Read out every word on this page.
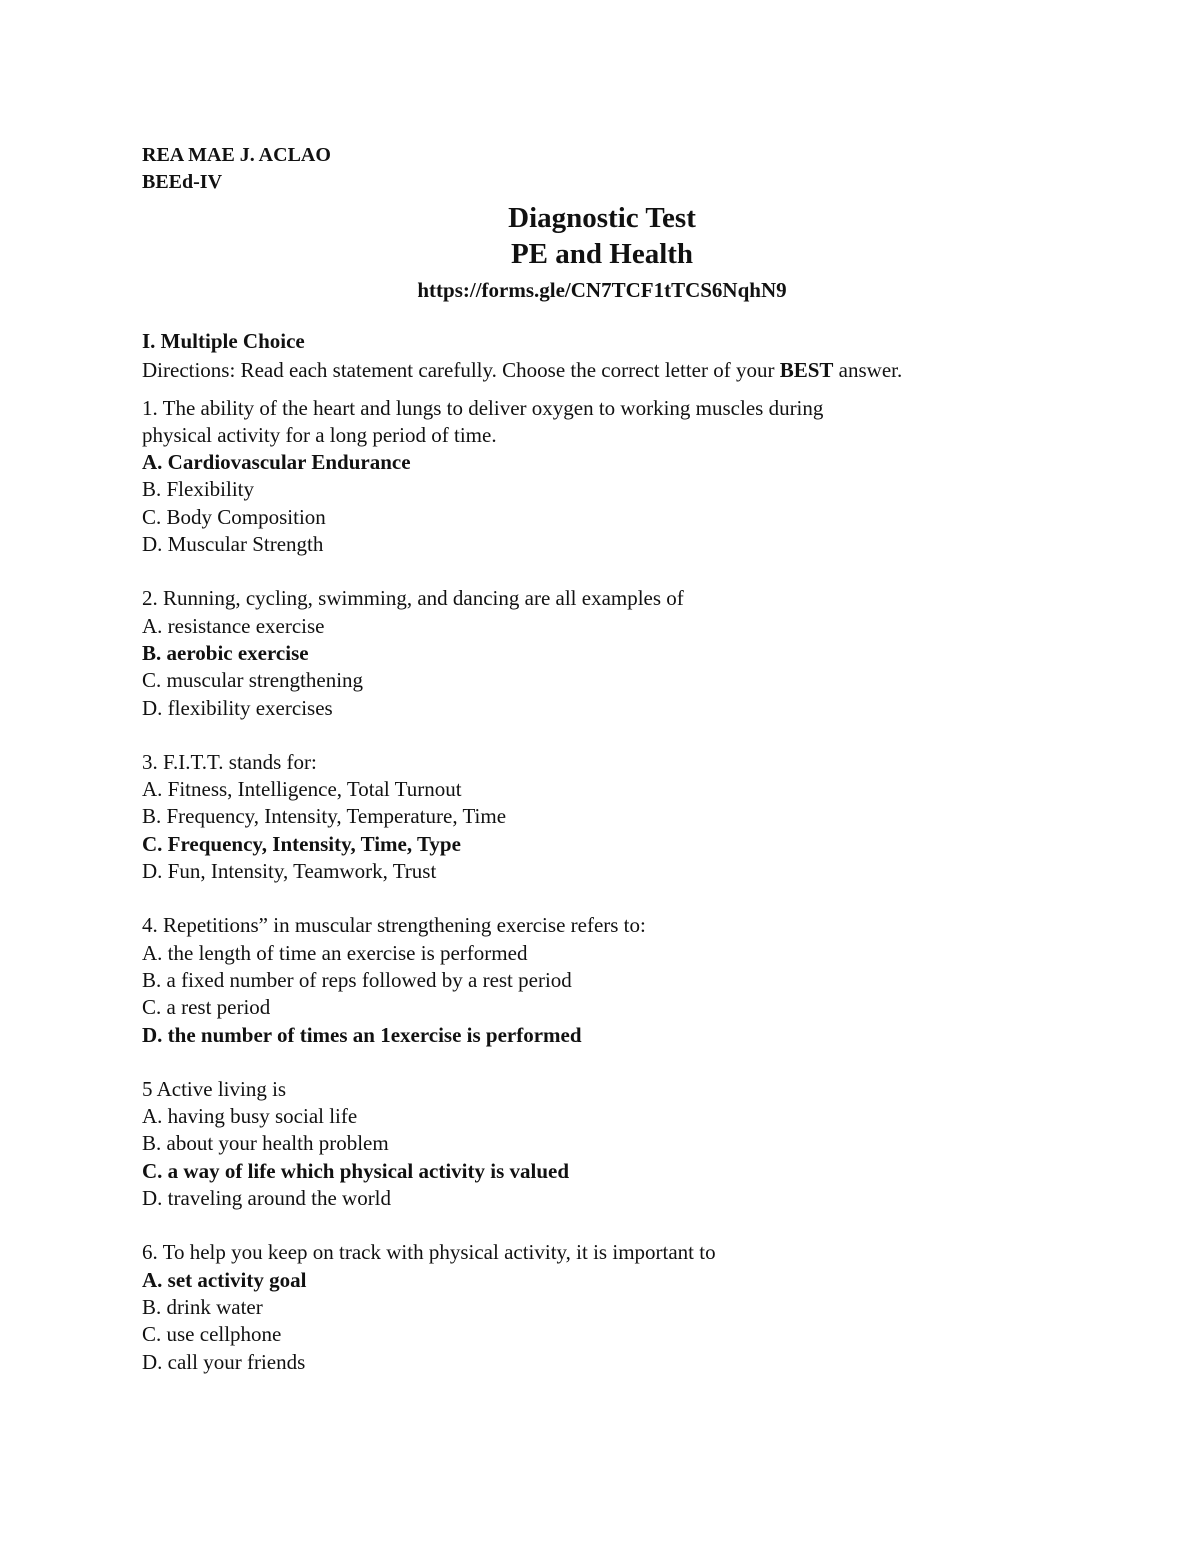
REA MAE J. ACLAO

BEEd-IV

Diagnostic Test

PE and Health

https://forms.gle/CN7TCF1tTCS6NqhN9

I. Multiple Choice

Directions: Read each statement carefully. Choose the correct letter of your BEST answer.

1. The ability of the heart and lungs to deliver oxygen to working muscles during

physical activity for a long period of time.

A. Cardiovascular Endurance

B. Flexibility

C. Body Composition

D. Muscular Strength

2. Running, cycling, swimming, and dancing are all examples of

A. resistance exercise

B. aerobic exercise

C. muscular strengthening

D. flexibility exercises

3. F.I.T.T. stands for:

A. Fitness, Intelligence, Total Turnout

B. Frequency, Intensity, Temperature, Time

C. Frequency, Intensity, Time, Type

D. Fun, Intensity, Teamwork, Trust

4. Repetitions” in muscular strengthening exercise refers to:

A. the length of time an exercise is performed

B. a fixed number of reps followed by a rest period

C. a rest period

D. the number of times an 1exercise is performed

5 Active living is

A. having busy social life

B. about your health problem

C. a way of life which physical activity is valued

D. traveling around the world

6. To help you keep on track with physical activity, it is important to

A. set activity goal

B. drink water

C. use cellphone

D. call your friends
